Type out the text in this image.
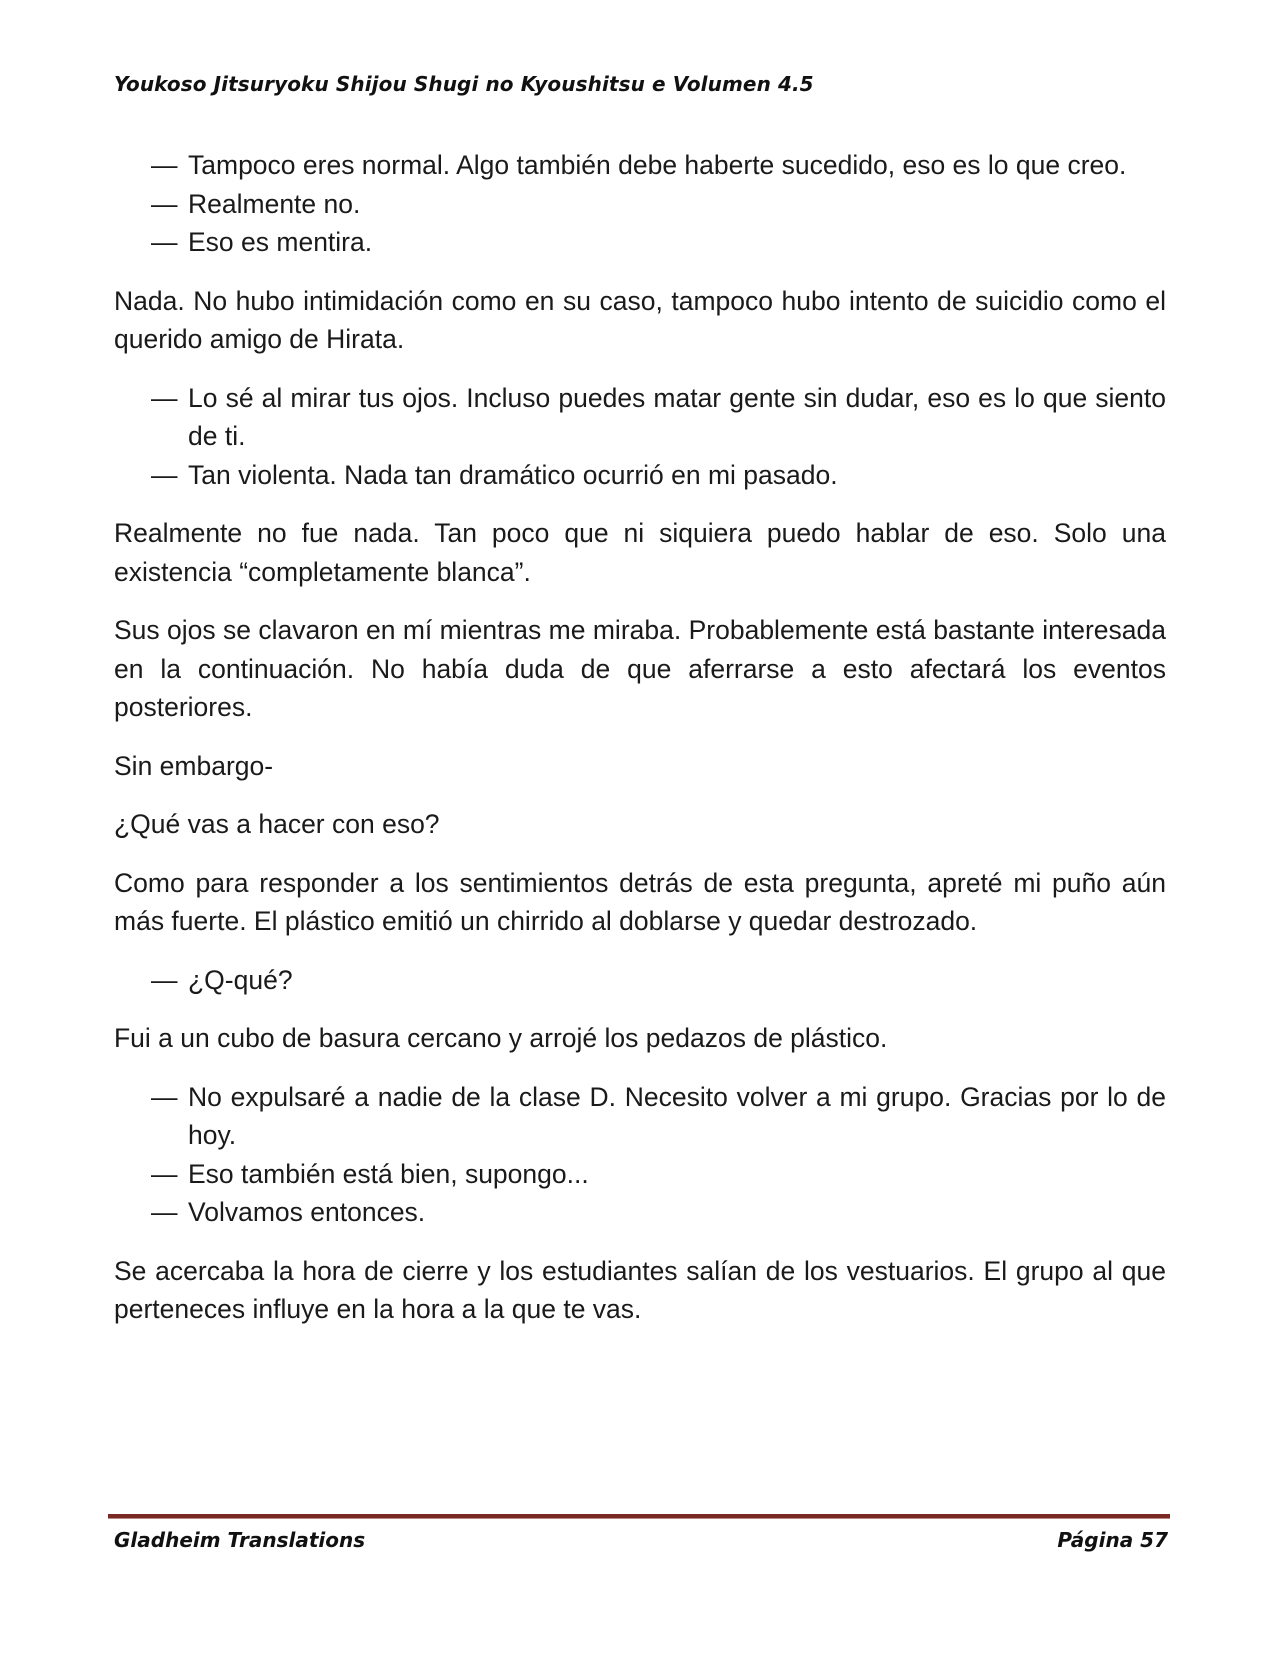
Youkoso Jitsuryoku Shijou Shugi no Kyoushitsu e Volumen 4.5
— Tampoco eres normal. Algo también debe haberte sucedido, eso es lo que creo.
— Realmente no.
— Eso es mentira.

Nada. No hubo intimidación como en su caso, tampoco hubo intento de suicidio como el querido amigo de Hirata.

— Lo sé al mirar tus ojos. Incluso puedes matar gente sin dudar, eso es lo que siento de ti.
— Tan violenta. Nada tan dramático ocurrió en mi pasado.

Realmente no fue nada. Tan poco que ni siquiera puedo hablar de eso. Solo una existencia “completamente blanca”.

Sus ojos se clavaron en mí mientras me miraba. Probablemente está bastante interesada en la continuación. No había duda de que aferrarse a esto afectará los eventos posteriores.

Sin embargo-

¿Qué vas a hacer con eso?

Como para responder a los sentimientos detrás de esta pregunta, apreté mi puño aún más fuerte. El plástico emitió un chirrido al doblarse y quedar destrozado.

— ¿Q-qué?

Fui a un cubo de basura cercano y arrojé los pedazos de plástico.

— No expulsaré a nadie de la clase D. Necesito volver a mi grupo. Gracias por lo de hoy.
— Eso también está bien, supongo...
— Volvamos entonces.

Se acercaba la hora de cierre y los estudiantes salían de los vestuarios. El grupo al que perteneces influye en la hora a la que te vas.

Gladheim Translations	Página 57
